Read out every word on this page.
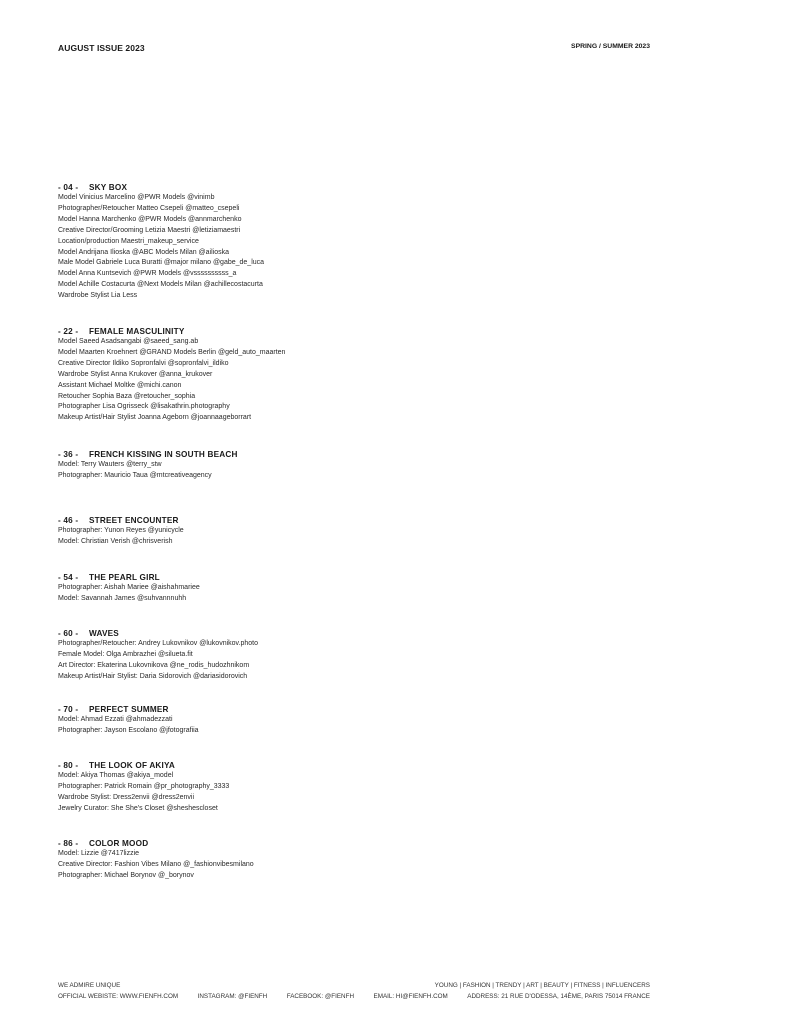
AUGUST ISSUE 2023	SPRING / SUMMER 2023
- 04 - SKY BOX
Model Vinicius Marcelino @PWR Models @vinimb
Photographer/Retoucher Matteo Csepeli @matteo_csepeli
Model Hanna Marchenko @PWR Models @annmarchenko
Creative Director/Grooming Letizia Maestri @letiziamaestri
Location/production Maestri_makeup_service
Model Andrijana Ilioska @ABC Models Milan @ailioska
Male Model Gabriele Luca Buratti @major milano @gabe_de_luca
Model Anna Kuntsevich @PWR Models @vssssssssss_a
Model Achille Costacurta @Next Models Milan @achillecostacurta
Wardrobe Stylist Lia Less
- 22 - FEMALE MASCULINITY
Model Saeed Asadsangabi @saeed_sang.ab
Model Maarten Kroehnert @GRAND Models Berlin @geld_auto_maarten
Creative Director Ildiko Sopronfalvi @sopronfalvi_ildiko
Wardrobe Stylist Anna Krukover @anna_krukover
Assistant Michael Moltke @michi.canon
Retoucher Sophia Baza @retoucher_sophia
Photographer Lisa Ogrisseck @lisakathrin.photography
Makeup Artist/Hair Stylist Joanna Ageborn @joannaageborrart
- 36 - FRENCH KISSING IN SOUTH BEACH
Model: Terry Wauters @terry_stw
Photographer: Mauricio Taua @mtcreativeagency
- 46 - STREET ENCOUNTER
Photographer: Yunon Reyes @yunicycle
Model: Christian Verish @chrisverish
- 54 - THE PEARL GIRL
Photographer: Aishah Mariee @aishahmariee
Model: Savannah James @suhvannnuhh
- 60 - WAVES
Photographer/Retoucher: Andrey Lukovnikov @lukovnikov.photo
Female Model: Olga Ambrazhei @silueta.fit
Art Director: Ekaterina Lukovnikova @ne_rodis_hudozhnikom
Makeup Artist/Hair Stylist: Daria Sidorovich @dariasidorovich
- 70 - PERFECT SUMMER
Model: Ahmad Ezzati @ahmadezzati
Photographer: Jayson Escolano @jfotografiia
- 80 - THE LOOK OF AKIYA
Model: Akiya Thomas @akiya_model
Photographer: Patrick Romain @pr_photography_3333
Wardrobe Stylist: Dress2envii @dress2envii
Jewelry Curator: She She's Closet @sheshescloset
- 86 - COLOR MOOD
Model: Lizzie @7417lizzie
Creative Director: Fashion Vibes Milano @_fashionvibesmilano
Photographer: Michael Borynov @_borynov
WE ADMIRE UNIQUE	YOUNG | FASHION | TRENDY | ART | BEAUTY | FITNESS | INFLUENCERS
OFFICIAL WEBISTE: WWW.FIENFH.COM	INSTAGRAM: @FIENFH	FACEBOOK: @FIENFH	EMAIL: HI@FIENFH.COM	ADDRESS: 21 RUE D'ODESSA, 14ÈME, PARIS 75014 FRANCE
